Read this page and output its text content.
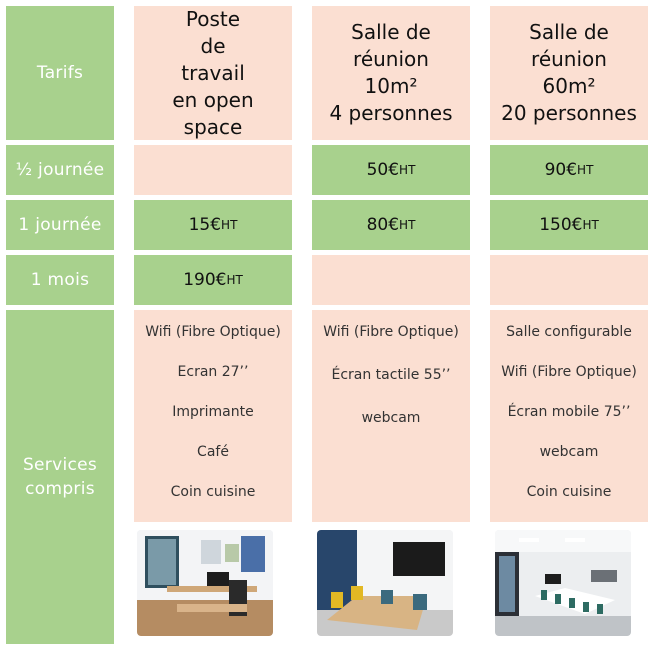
Tarifs
½ journée
1 journée
1 mois
Services
compris
Poste
de
travail
en open
space
15€ HT
190€ HT
Wifi (Fibre Optique)
Ecran 27’’
Imprimante
Café
Coin cuisine
Salle de
réunion
10m²
4 personnes
50€ HT
80€ HT
Wifi (Fibre Optique)
Écran tactile 55’’
webcam
Salle de
réunion
60m²
20 personnes
90€ HT
150€ HT
Salle configurable
Wifi (Fibre Optique)
Écran mobile 75’’
webcam
Coin cuisine
